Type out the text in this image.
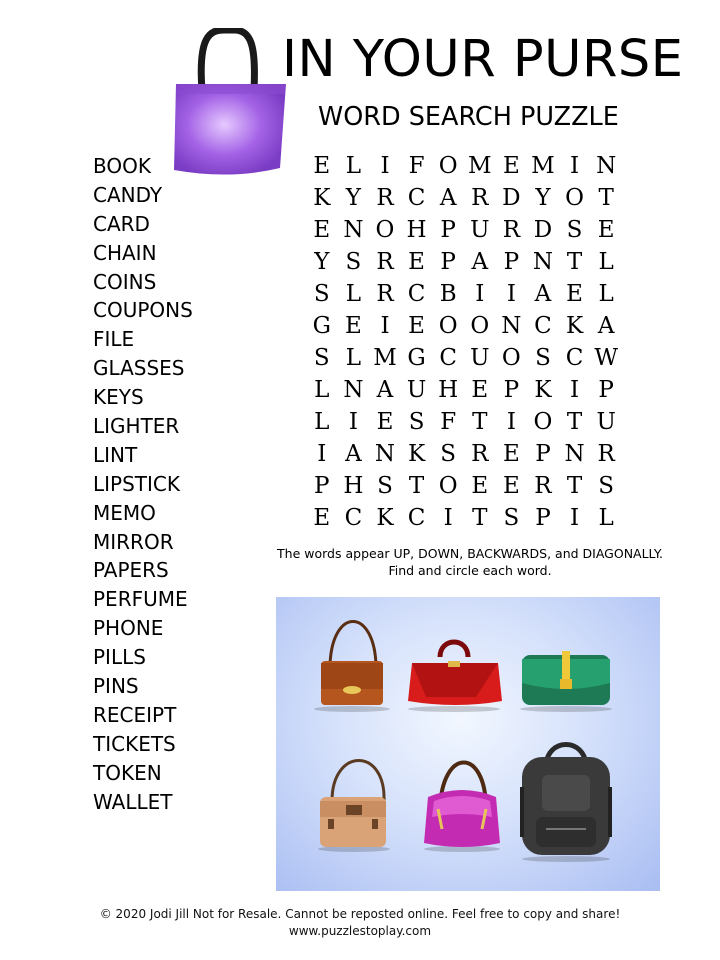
IN YOUR PURSE
WORD SEARCH PUZZLE
BOOK
CANDY
CARD
CHAIN
COINS
COUPONS
FILE
GLASSES
KEYS
LIGHTER
LINT
LIPSTICK
MEMO
MIRROR
PAPERS
PERFUME
PHONE
PILLS
PINS
RECEIPT
TICKETS
TOKEN
WALLET
E L I F O M E M I N
K Y R C A R D Y O T
E N O H P U R D S E
Y S R E P A P N T L
S L R C B I I A E L
G E I E O O N C K A
S L M G C U O S C W
L N A U H E P K I P
L I E S F T I O T U
I A N K S R E P N R
P H S T O E E R T S
E C K C I T S P I L
The words appear UP, DOWN, BACKWARDS, and DIAGONALLY.
Find and circle each word.
© 2020 Jodi Jill Not for Resale. Cannot be reposted online. Feel free to copy and share!
www.puzzlestoplay.com
